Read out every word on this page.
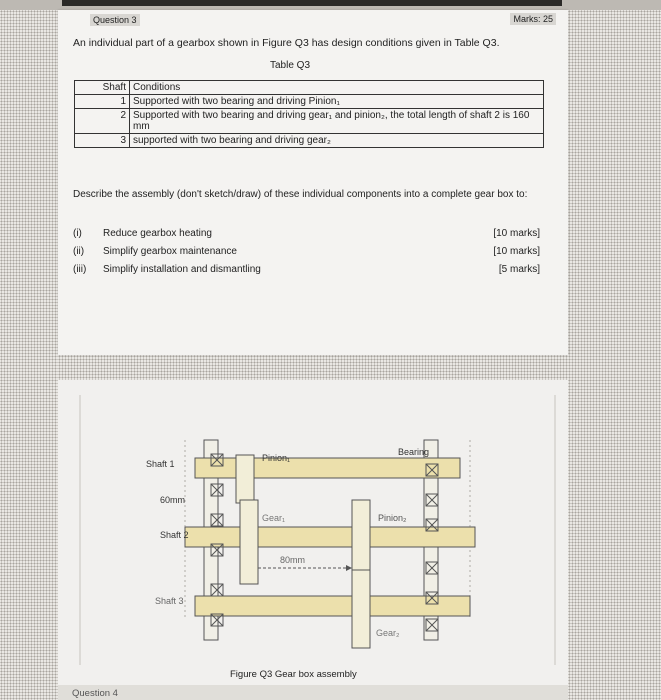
Question 3	Marks: 25
An individual part of a gearbox shown in Figure Q3 has design conditions given in Table Q3.
Table Q3
Shaft	Conditions
1	Supported with two bearing and driving Pinion₁
2	Supported with two bearing and driving gear₁ and pinion₂, the total length of shaft 2 is 160 mm
3	supported with two bearing and driving gear₂
Describe the assembly (don't sketch/draw) of these individual components into a complete gear box to:
(i) Reduce gearbox heating	[10 marks]
(ii) Simplify gearbox maintenance	[10 marks]
(iii) Simplify installation and dismantling	[5 marks]
Shaft 1
Shaft 2
Shaft 3
Pinion₁
Pinion₂
Gear₁
Gear₂
Bearing
60mm
80mm
Figure Q3 Gear box assembly
Question 4
